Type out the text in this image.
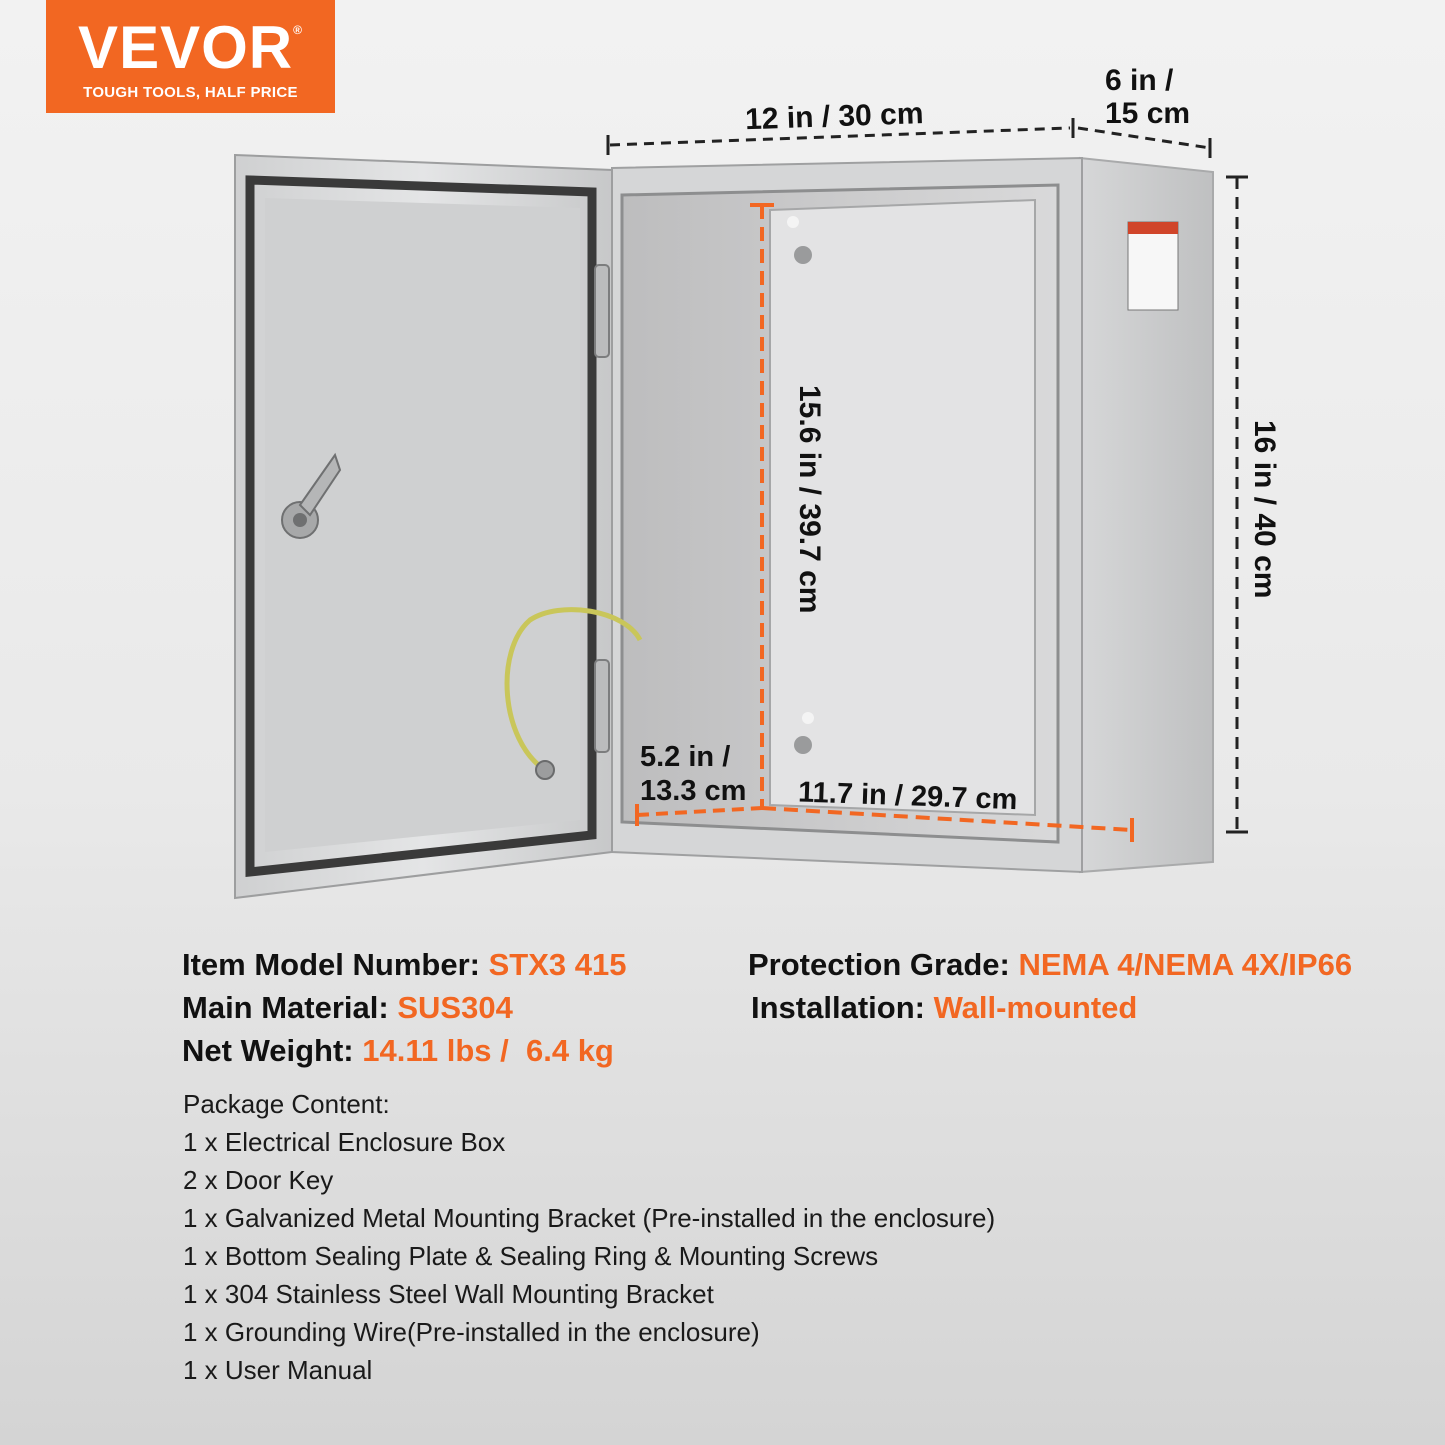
VEVOR®
TOUGH TOOLS, HALF PRICE
12 in / 30 cm
6 in /
15 cm
16 in / 40 cm
15.6 in / 39.7 cm
11.7 in / 29.7 cm
5.2 in /
13.3 cm
Item Model Number: STX3 415	Protection Grade: NEMA 4/NEMA 4X/IP66
Main Material: SUS304	Installation: Wall-mounted
Net Weight: 14.11 lbs /  6.4 kg
Package Content:
1 x Electrical Enclosure Box
2 x Door Key
1 x Galvanized Metal Mounting Bracket (Pre-installed in the enclosure)
1 x Bottom Sealing Plate & Sealing Ring & Mounting Screws
1 x 304 Stainless Steel Wall Mounting Bracket
1 x Grounding Wire(Pre-installed in the enclosure)
1 x User Manual
